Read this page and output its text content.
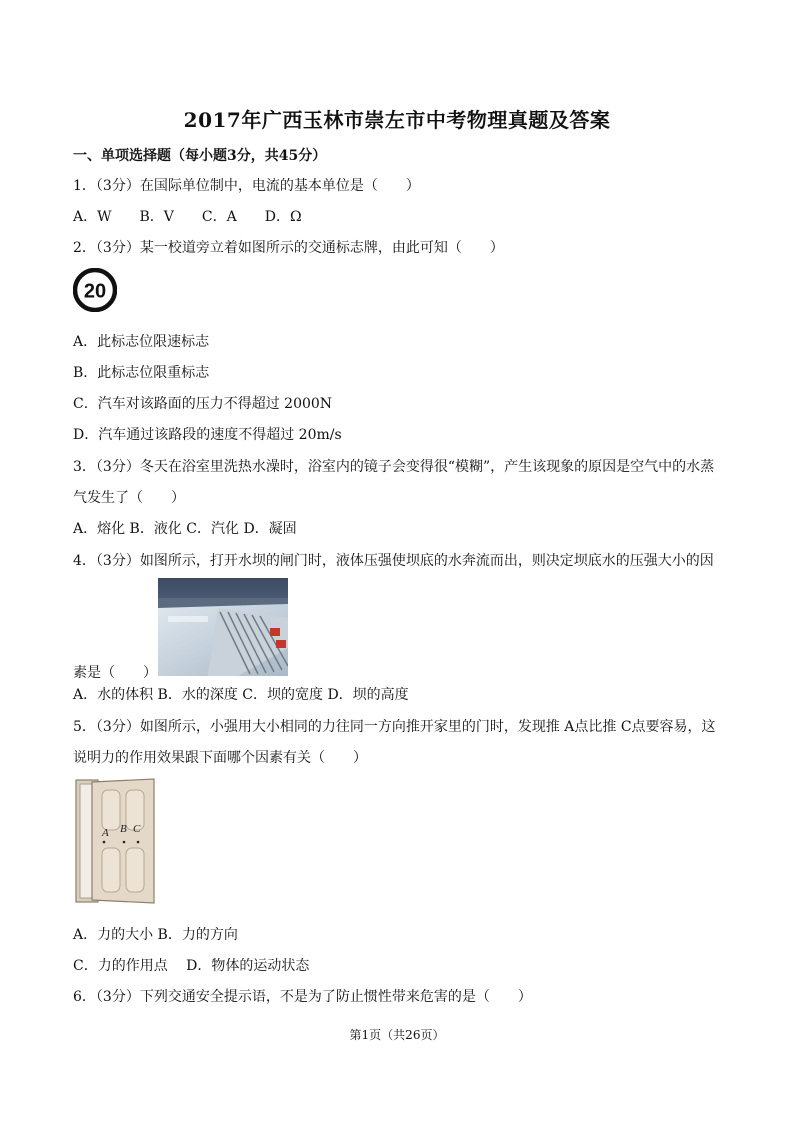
2017年广西玉林市崇左市中考物理真题及答案
一、单项选择题（每小题3分，共45分）
1．（3分）在国际单位制中，电流的基本单位是（　　）
A．W　　B．V　　C．A　　D．Ω
2．（3分）某一校道旁立着如图所示的交通标志牌，由此可知（　　）
20
A．此标志位限速标志
B．此标志位限重标志
C．汽车对该路面的压力不得超过 2000N
D．汽车通过该路段的速度不得超过 20m/s
3．（3分）冬天在浴室里洗热水澡时，浴室内的镜子会变得很“模糊”，产生该现象的原因是空气中的水蒸
气发生了（　　）
A．熔化 B．液化 C．汽化 D．凝固
4．（3分）如图所示，打开水坝的闸门时，液体压强使坝底的水奔流而出，则决定坝底水的压强大小的因
素是（　　）
A．水的体积 B．水的深度 C．坝的宽度 D．坝的高度
5．（3分）如图所示，小强用大小相同的力往同一方向推开家里的门时，发现推 A点比推 C点要容易，这
说明力的作用效果跟下面哪个因素有关（　　）
A B C
A．力的大小 B．力的方向
C．力的作用点　 D．物体的运动状态
6．（3分）下列交通安全提示语，不是为了防止惯性带来危害的是（　　）
第1页（共26页）
